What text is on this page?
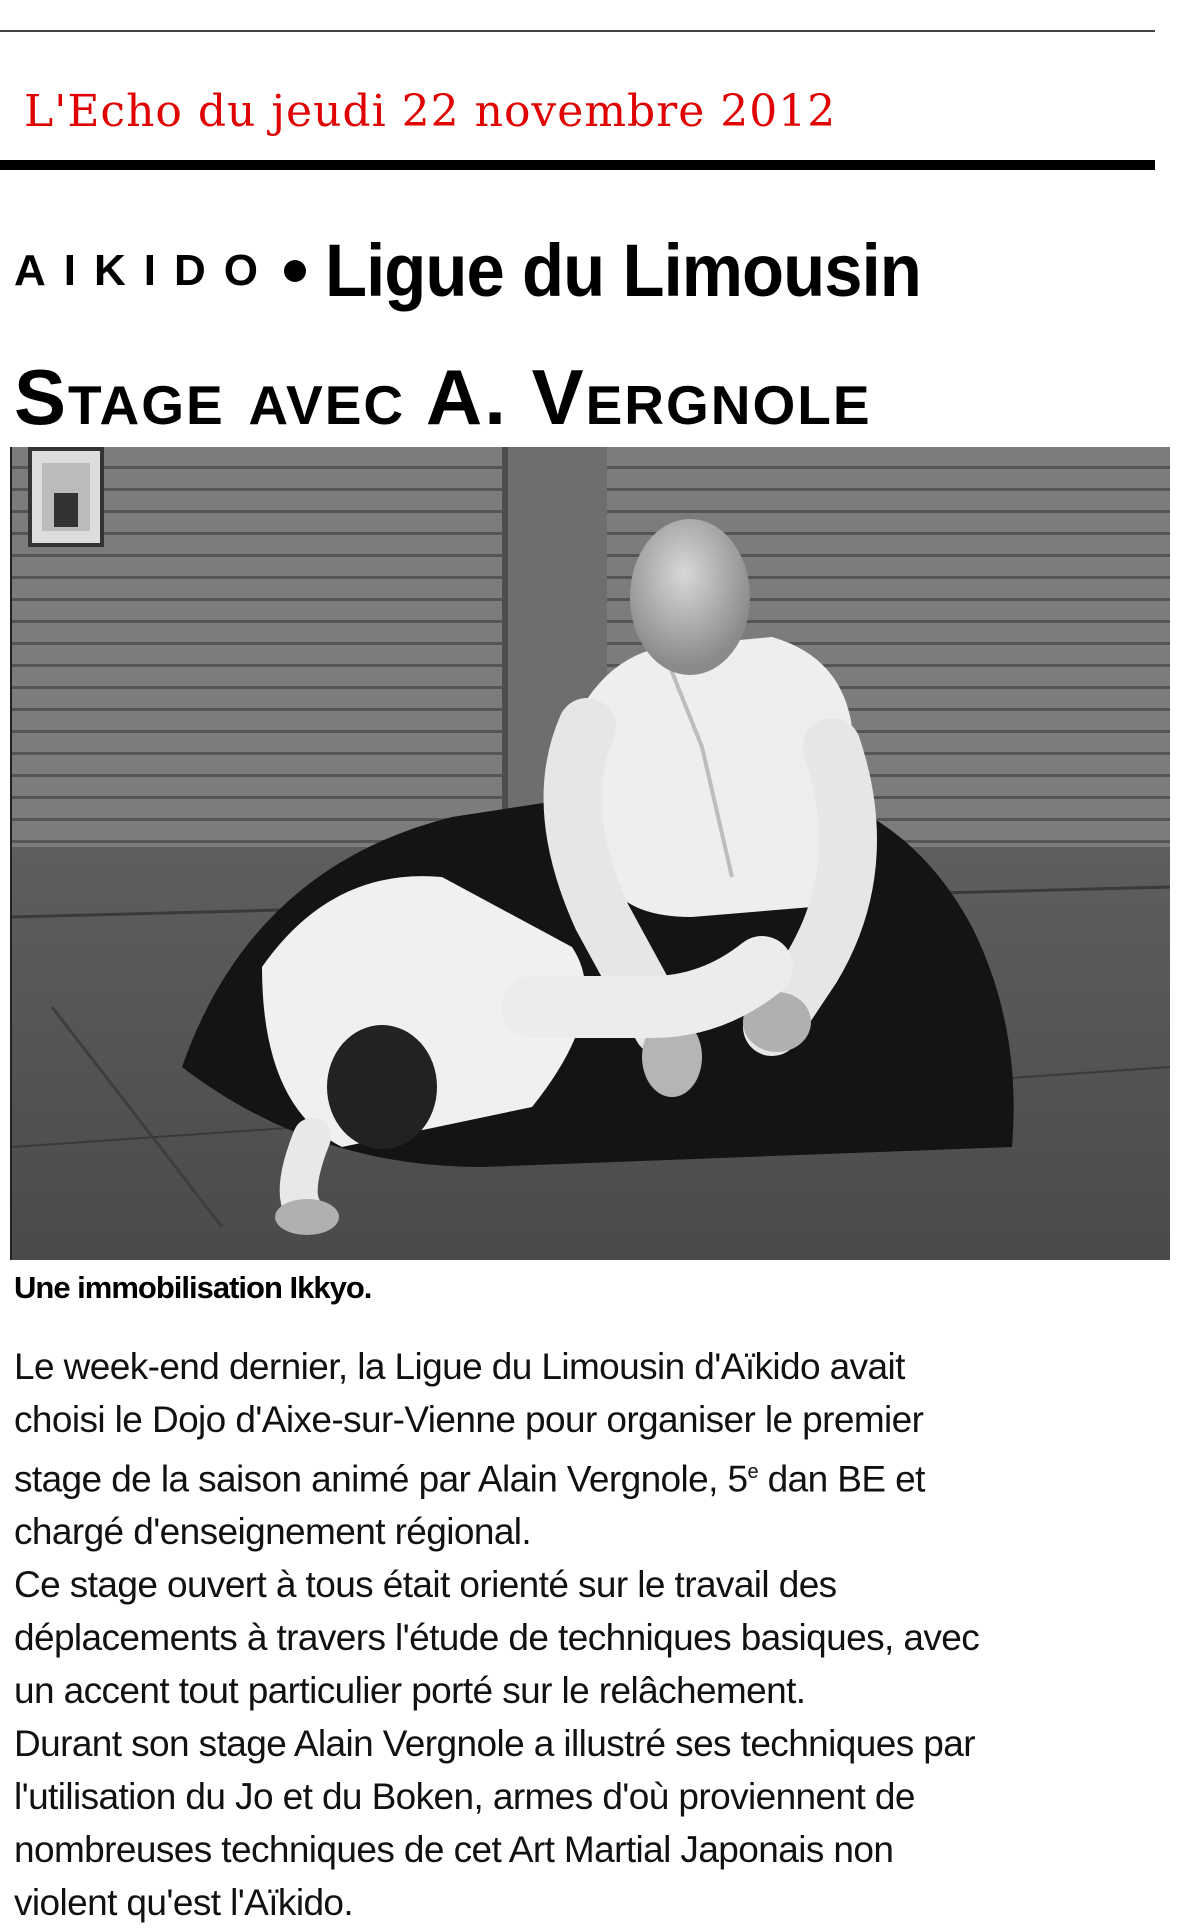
L'Echo du jeudi 22 novembre 2012
AIKIDO Ligue du Limousin
Stage avec A. Vergnole
Une immobilisation Ikkyo.

Le week-end dernier, la Ligue du Limousin d'Aïkido avait

choisi le Dojo d'Aixe-sur-Vienne pour organiser le premier

stage de la saison animé par Alain Vergnole, 5e dan BE et

chargé d'enseignement régional.

Ce stage ouvert à tous était orienté sur le travail des

déplacements à travers l'étude de techniques basiques, avec

un accent tout particulier porté sur le relâchement.

Durant son stage Alain Vergnole a illustré ses techniques par

l'utilisation du Jo et du Boken, armes d'où proviennent de

nombreuses techniques de cet Art Martial Japonais non

violent qu'est l'Aïkido.
